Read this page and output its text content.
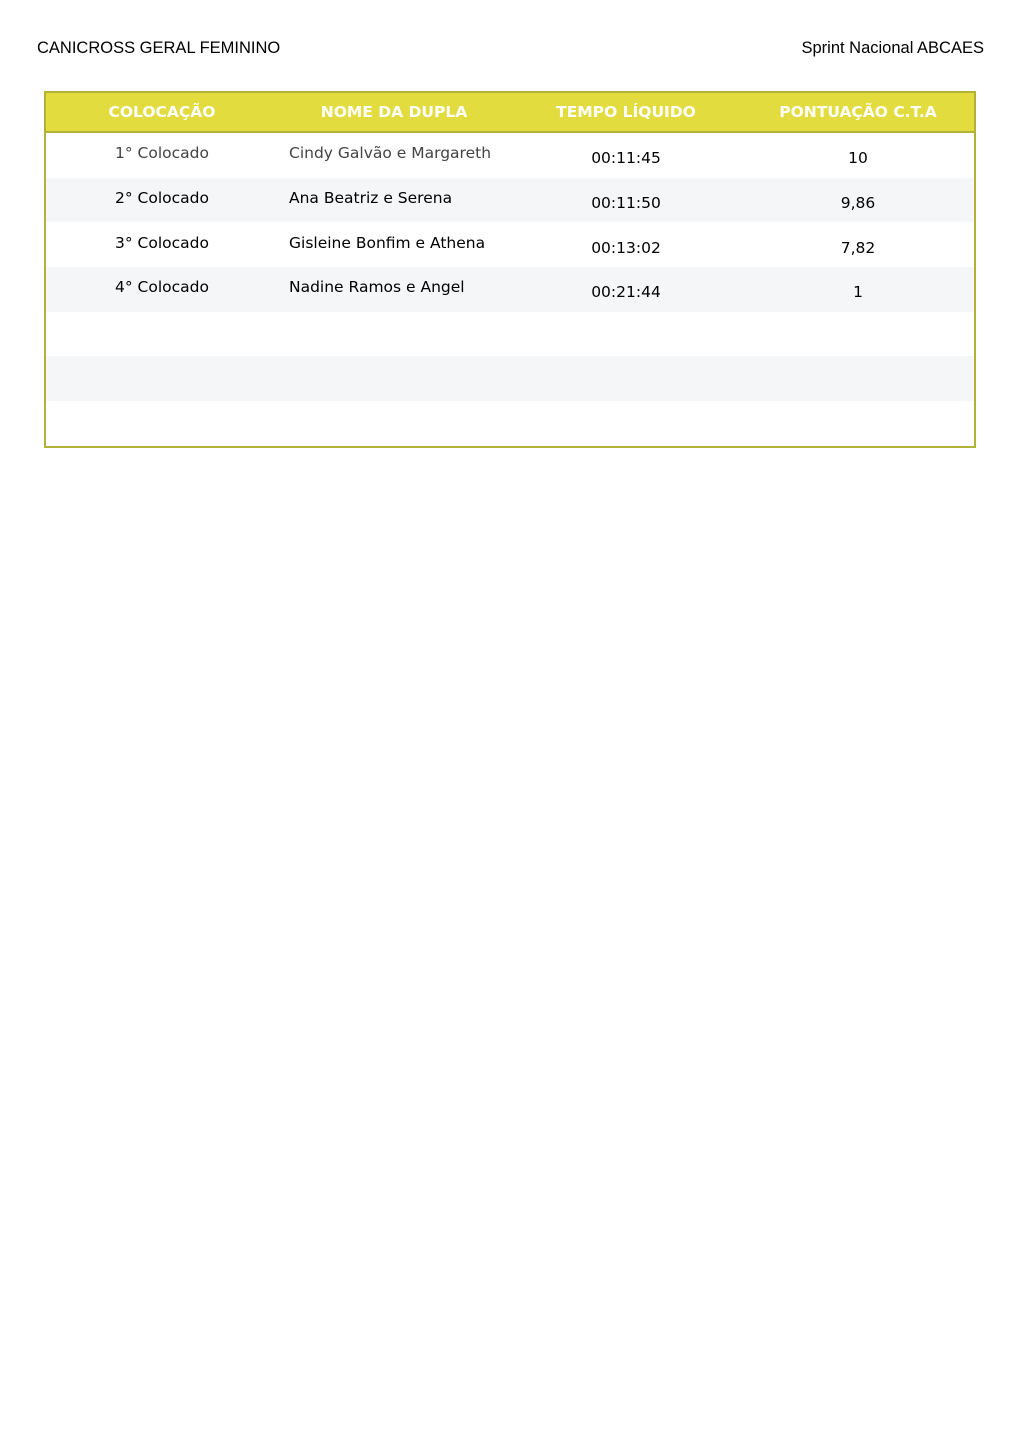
CANICROSS GERAL FEMININO	Sprint Nacional ABCAES
COLOCAÇÃO	NOME DA DUPLA	TEMPO LÍQUIDO	PONTUAÇÃO C.T.A
1° Colocado	Cindy Galvão e Margareth	00:11:45	10
2° Colocado	Ana Beatriz e Serena	00:11:50	9,86
3° Colocado	Gisleine Bonfim e Athena	00:13:02	7,82
4° Colocado	Nadine Ramos e Angel	00:21:44	1
